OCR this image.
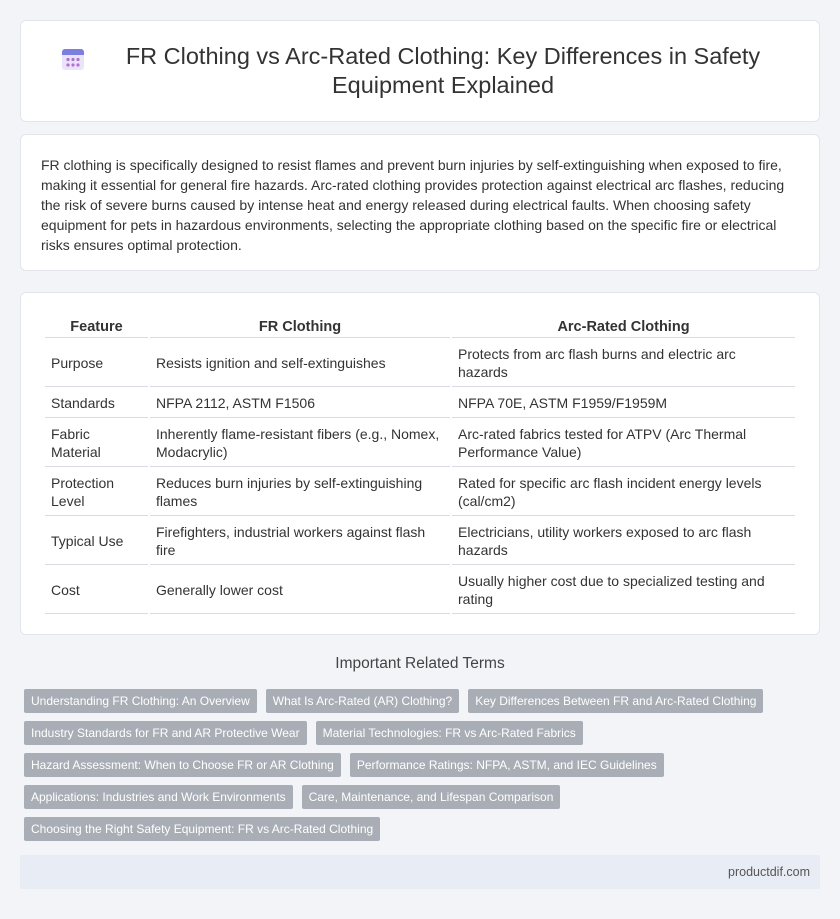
FR Clothing vs Arc-Rated Clothing: Key Differences in Safety Equipment Explained

FR clothing is specifically designed to resist flames and prevent burn injuries by self-extinguishing when exposed to fire, making it essential for general fire hazards. Arc-rated clothing provides protection against electrical arc flashes, reducing the risk of severe burns caused by intense heat and energy released during electrical faults. When choosing safety equipment for pets in hazardous environments, selecting the appropriate clothing based on the specific fire or electrical risks ensures optimal protection.

Feature	FR Clothing	Arc-Rated Clothing
Purpose	Resists ignition and self-extinguishes	Protects from arc flash burns and electric arc hazards
Standards	NFPA 2112, ASTM F1506	NFPA 70E, ASTM F1959/F1959M
Fabric Material	Inherently flame-resistant fibers (e.g., Nomex, Modacrylic)	Arc-rated fabrics tested for ATPV (Arc Thermal Performance Value)
Protection Level	Reduces burn injuries by self-extinguishing flames	Rated for specific arc flash incident energy levels (cal/cm2)
Typical Use	Firefighters, industrial workers against flash fire	Electricians, utility workers exposed to arc flash hazards
Cost	Generally lower cost	Usually higher cost due to specialized testing and rating
Important Related Terms
Understanding FR Clothing: An Overview	What Is Arc-Rated (AR) Clothing?	Key Differences Between FR and Arc-Rated Clothing
Industry Standards for FR and AR Protective Wear	Material Technologies: FR vs Arc-Rated Fabrics
Hazard Assessment: When to Choose FR or AR Clothing	Performance Ratings: NFPA, ASTM, and IEC Guidelines
Applications: Industries and Work Environments	Care, Maintenance, and Lifespan Comparison
Choosing the Right Safety Equipment: FR vs Arc-Rated Clothing
productdif.com
